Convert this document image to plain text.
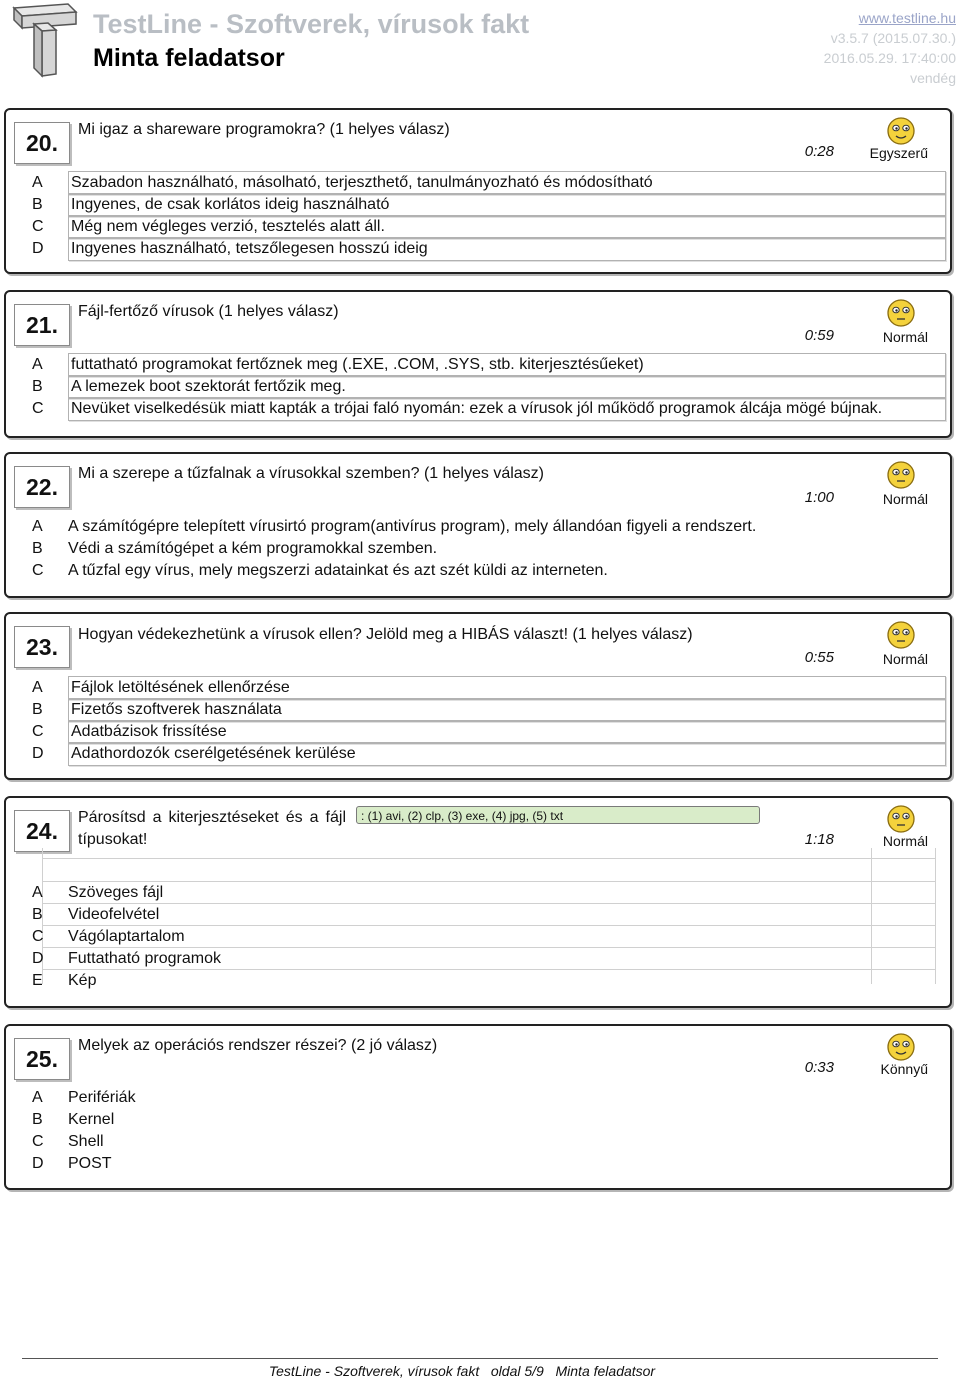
TestLine - Szoftverek, vírusok fakt
Minta feladatsor
www.testline.hu
v3.5.7 (2015.07.30.)
2016.05.29. 17:40:00
vendég
20.
Mi igaz a shareware programokra? (1 helyes válasz)
0:28	Egyszerű
A	Szabadon használható, másolható, terjeszthető, tanulmányozható és módosítható
B	Ingyenes, de csak korlátos ideig használható
C	Még nem végleges verzió, tesztelés alatt áll.
D	Ingyenes használható, tetszőlegesen hosszú ideig
21.
Fájl-fertőző vírusok (1 helyes válasz)
0:59	Normál
A	futtatható programokat fertőznek meg (.EXE, .COM, .SYS, stb. kiterjesztésűeket)
B	A lemezek boot szektorát fertőzik meg.
C	Nevüket viselkedésük miatt kapták a trójai faló nyomán: ezek a vírusok jól működő programok álcája mögé bújnak.
22.
Mi a szerepe a tűzfalnak a vírusokkal szemben? (1 helyes válasz)
1:00	Normál
A	A számítógépre telepített vírusirtó program(antivírus program), mely állandóan figyeli a rendszert.
B	Védi a számítógépet a kém programokkal szemben.
C	A tűzfal egy vírus, mely megszerzi adatainkat és azt szét küldi az interneten.
23.	Hogyan védekezhetünk a vírusok ellen? Jelöld meg a HIBÁS választ! (1 helyes válasz)
0:55	Normál
A	Fájlok letöltésének ellenőrzése
B	Fizetős szoftverek használata
C	Adatbázisok frissítése
D	Adathordozók cserélgetésének kerülése
24.
Párosítsd a kiterjesztéseket és a fájl típusokat!
: (1) avi, (2) clp, (3) exe, (4) jpg, (5) txt
1:18	Normál
A	Szöveges fájl
B	Videofelvétel
C	Vágólaptartalom
D	Futtatható programok
E	Kép
25.
Melyek az operációs rendszer részei? (2 jó válasz)
0:33	Könnyű
A	Perifériák
B	Kernel
C	Shell
D	POST
TestLine - Szoftverek, vírusok fakt   oldal 5/9   Minta feladatsor
